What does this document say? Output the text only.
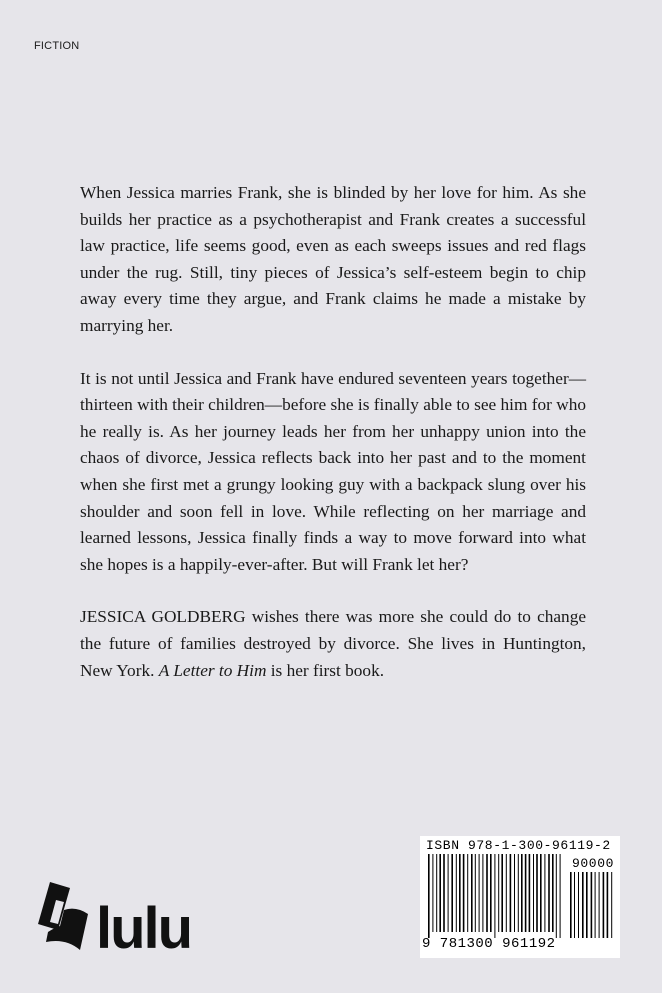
FICTION

When Jessica marries Frank, she is blinded by her love for him. As she builds her practice as a psychotherapist and Frank creates a successful law practice, life seems good, even as each sweeps issues and red flags under the rug. Still, tiny pieces of Jessica’s self-esteem begin to chip away every time they argue, and Frank claims he made a mistake by marrying her.

It is not until Jessica and Frank have endured seventeen years together—thirteen with their children—before she is finally able to see him for who he really is. As her journey leads her from her unhappy union into the chaos of divorce, Jessica reflects back into her past and to the moment when she first met a grungy looking guy with a backpack slung over his shoulder and soon fell in love. While reflecting on her marriage and learned lessons, Jessica finally finds a way to move forward into what she hopes is a happily-ever-after. But will Frank let her?

JESSICA GOLDBERG wishes there was more she could do to change the future of families destroyed by divorce. She lives in Huntington, New York. A Letter to Him is her first book.

lulu
ISBN 978-1-300-96119-2
90000
9 781300 961192
